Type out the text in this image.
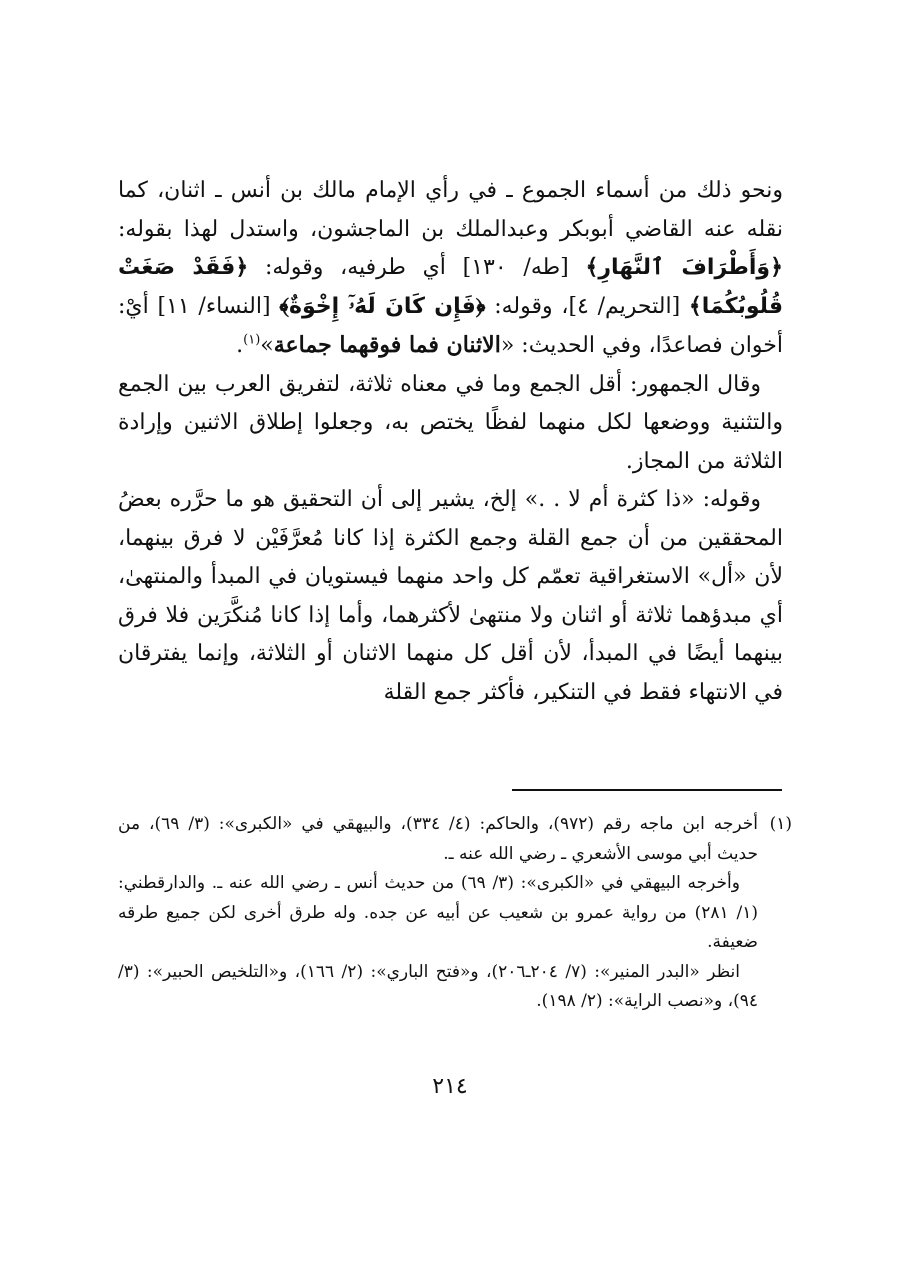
ونحو ذلك من أسماء الجموع ـ في رأي الإمام مالك بن أنس ـ اثنان، كما نقله عنه القاضي أبوبكر وعبدالملك بن الماجشون، واستدل لهذا بقوله: ﴿وَأَطْرَافَ ٱلنَّهَارِ﴾ [طه/ ١٣٠] أي طرفيه، وقوله: ﴿فَقَدْ صَغَتْ قُلُوبُكُمَا﴾ [التحريم/ ٤]، وقوله: ﴿فَإِن كَانَ لَهُۥٓ إِخْوَةٌ﴾ [النساء/ ١١] أيْ: أخوان فصاعدًا، وفي الحديث: «الاثنان فما فوقهما جماعة»$^{(١)}$.

وقال الجمهور: أقل الجمع وما في معناه ثلاثة، لتفريق العرب بين الجمع والتثنية ووضعها لكل منهما لفظًا يختص به، وجعلوا إطلاق الاثنين وإرادة الثلاثة من المجاز.

وقوله: «ذا كثرة أم لا . .» إلخ، يشير إلى أن التحقيق هو ما حرَّره بعضُ المحققين من أن جمع القلة وجمع الكثرة إذا كانا مُعرَّفَيْن لا فرق بينهما، لأن «أل» الاستغراقية تعمّم كل واحد منهما فيستويان في المبدأ والمنتهىٰ، أي مبدؤهما ثلاثة أو اثنان ولا منتهىٰ لأكثرهما، وأما إذا كانا مُنكَّرَين فلا فرق بينهما أيضًا في المبدأ، لأن أقل كل منهما الاثنان أو الثلاثة، وإنما يفترقان في الانتهاء فقط في التنكير، فأكثر جمع القلة

(١)
أخرجه ابن ماجه رقم (٩٧٢)، والحاكم: (٤/ ٣٣٤)، والبيهقي في «الكبرى»: (٣/ ٦٩)، من حديث أبي موسى الأشعري ـ رضي الله عنه ـ.

وأخرجه البيهقي في «الكبرى»: (٣/ ٦٩) من حديث أنس ـ رضي الله عنه ـ. والدارقطني: (١/ ٢٨١) من رواية عمرو بن شعيب عن أبيه عن جده. وله طرق أخرى لكن جميع طرقه ضعيفة.

انظر «البدر المنير»: (٧/ ٢٠٤ـ٢٠٦)، و«فتح الباري»: (٢/ ١٦٦)، و«التلخيص الحبير»: (٣/ ٩٤)، و«نصب الراية»: (٢/ ١٩٨).

٢١٤
